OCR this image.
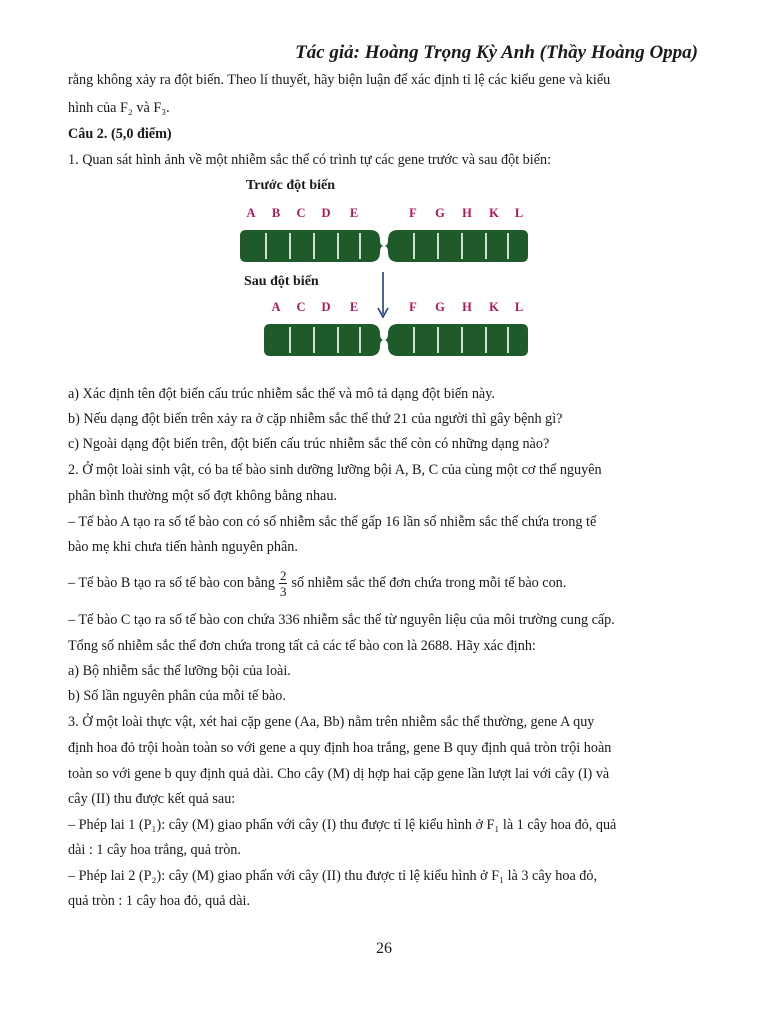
Tác giả: Hoàng Trọng Kỳ Anh (Thầy Hoàng Oppa)
rằng không xảy ra đột biến. Theo lí thuyết, hãy biện luận để xác định tỉ lệ các kiểu gene và kiểu
hình của F₂ và F₃.
Câu 2. (5,0 điểm)
1. Quan sát hình ảnh về một nhiễm sắc thể có trình tự các gene trước và sau đột biến:
Trước đột biến
A	B	C	D	E	F	G	H	K	L
Sau đột biến
A	C	D	E	F	G	H	K	L
a) Xác định tên đột biến cấu trúc nhiễm sắc thể và mô tả dạng đột biến này.
b) Nếu dạng đột biến trên xảy ra ở cặp nhiễm sắc thể thứ 21 của người thì gây bệnh gì?
c) Ngoài dạng đột biến trên, đột biến cấu trúc nhiễm sắc thể còn có những dạng nào?
2. Ở một loài sinh vật, có ba tế bào sinh dưỡng lưỡng bội A, B, C của cùng một cơ thể nguyên
phân bình thường một số đợt không bằng nhau.
– Tế bào A tạo ra số tế bào con có số nhiễm sắc thể gấp 16 lần số nhiễm sắc thể chứa trong tế
bào mẹ khi chưa tiến hành nguyên phân.
– Tế bào B tạo ra số tế bào con bằng $\frac{2}{3}$ số nhiễm sắc thể đơn chứa trong mỗi tế bào con.
– Tế bào C tạo ra số tế bào con chứa 336 nhiễm sắc thể từ nguyên liệu của môi trường cung cấp.
Tổng số nhiễm sắc thể đơn chứa trong tất cả các tế bào con là 2688. Hãy xác định:
a) Bộ nhiễm sắc thể lưỡng bội của loài.
b) Số lần nguyên phân của mỗi tế bào.
3. Ở một loài thực vật, xét hai cặp gene (Aa, Bb) nằm trên nhiễm sắc thể thường, gene A quy
định hoa đỏ trội hoàn toàn so với gene a quy định hoa trắng, gene B quy định quả tròn trội hoàn
toàn so với gene b quy định quả dài. Cho cây (M) dị hợp hai cặp gene lần lượt lai với cây (I) và
cây (II) thu được kết quả sau:
– Phép lai 1 (P₁): cây (M) giao phấn với cây (I) thu được tỉ lệ kiểu hình ở F₁ là 1 cây hoa đỏ, quả
dài : 1 cây hoa trắng, quả tròn.
– Phép lai 2 (P₂): cây (M) giao phấn với cây (II) thu được tỉ lệ kiểu hình ở F₁ là 3 cây hoa đỏ,
quả tròn : 1 cây hoa đỏ, quả dài.
26
